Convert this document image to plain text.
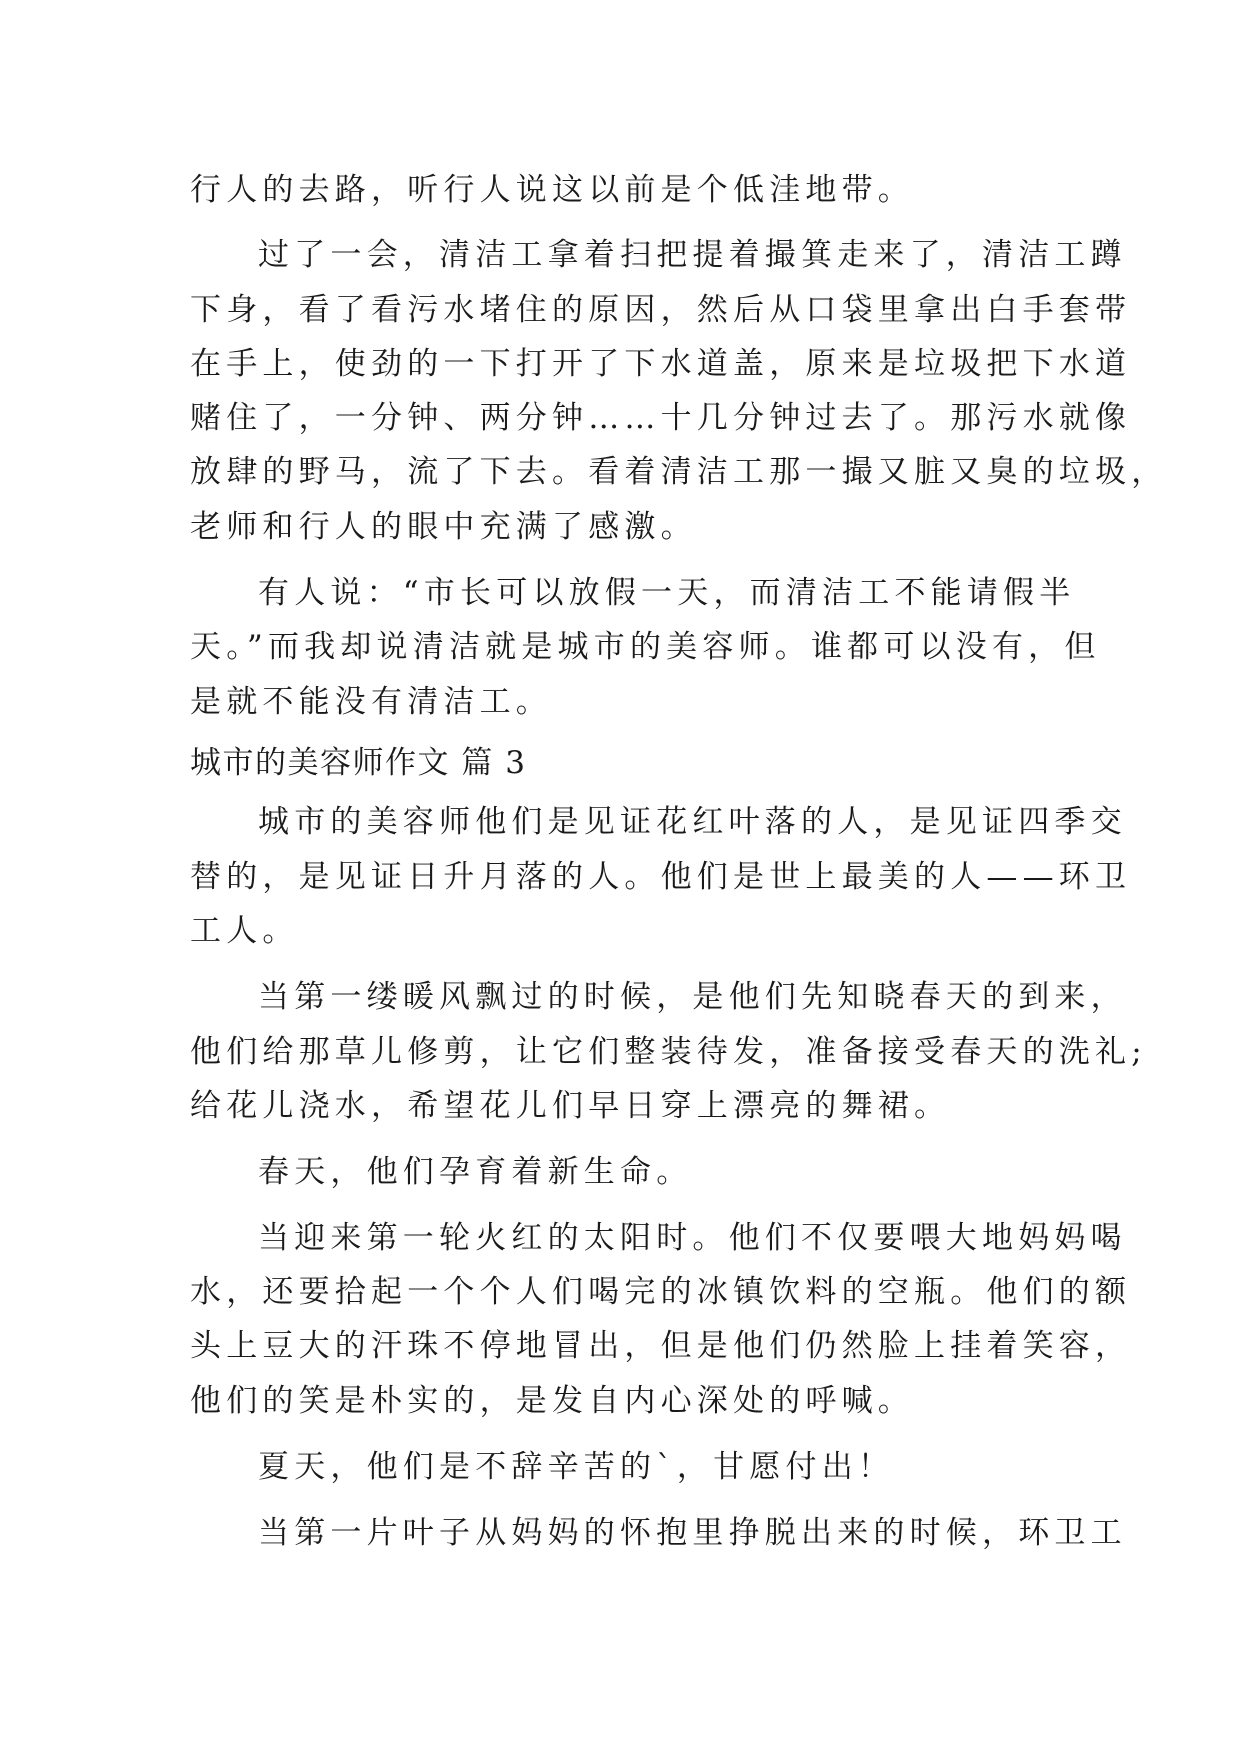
行人的去路，听行人说这以前是个低洼地带。
过了一会，清洁工拿着扫把提着撮箕走来了，清洁工蹲
下身，看了看污水堵住的原因，然后从口袋里拿出白手套带
在手上，使劲的一下打开了下水道盖，原来是垃圾把下水道
赌住了，一分钟、两分钟……十几分钟过去了。那污水就像
放肆的野马，流了下去。看着清洁工那一撮又脏又臭的垃圾，
老师和行人的眼中充满了感激。
有人说：“市长可以放假一天，而清洁工不能请假半
天。”而我却说清洁就是城市的美容师。谁都可以没有，但
是就不能没有清洁工。
城市的美容师作文 篇 3
城市的美容师他们是见证花红叶落的人，是见证四季交
替的，是见证日升月落的人。他们是世上最美的人——环卫
工人。
当第一缕暖风飘过的时候，是他们先知晓春天的到来，
他们给那草儿修剪，让它们整装待发，准备接受春天的洗礼;
给花儿浇水，希望花儿们早日穿上漂亮的舞裙。
春天，他们孕育着新生命。
当迎来第一轮火红的太阳时。他们不仅要喂大地妈妈喝
水，还要拾起一个个人们喝完的冰镇饮料的空瓶。他们的额
头上豆大的汗珠不停地冒出，但是他们仍然脸上挂着笑容，
他们的笑是朴实的，是发自内心深处的呼喊。
夏天，他们是不辞辛苦的`，甘愿付出！
当第一片叶子从妈妈的怀抱里挣脱出来的时候，环卫工
